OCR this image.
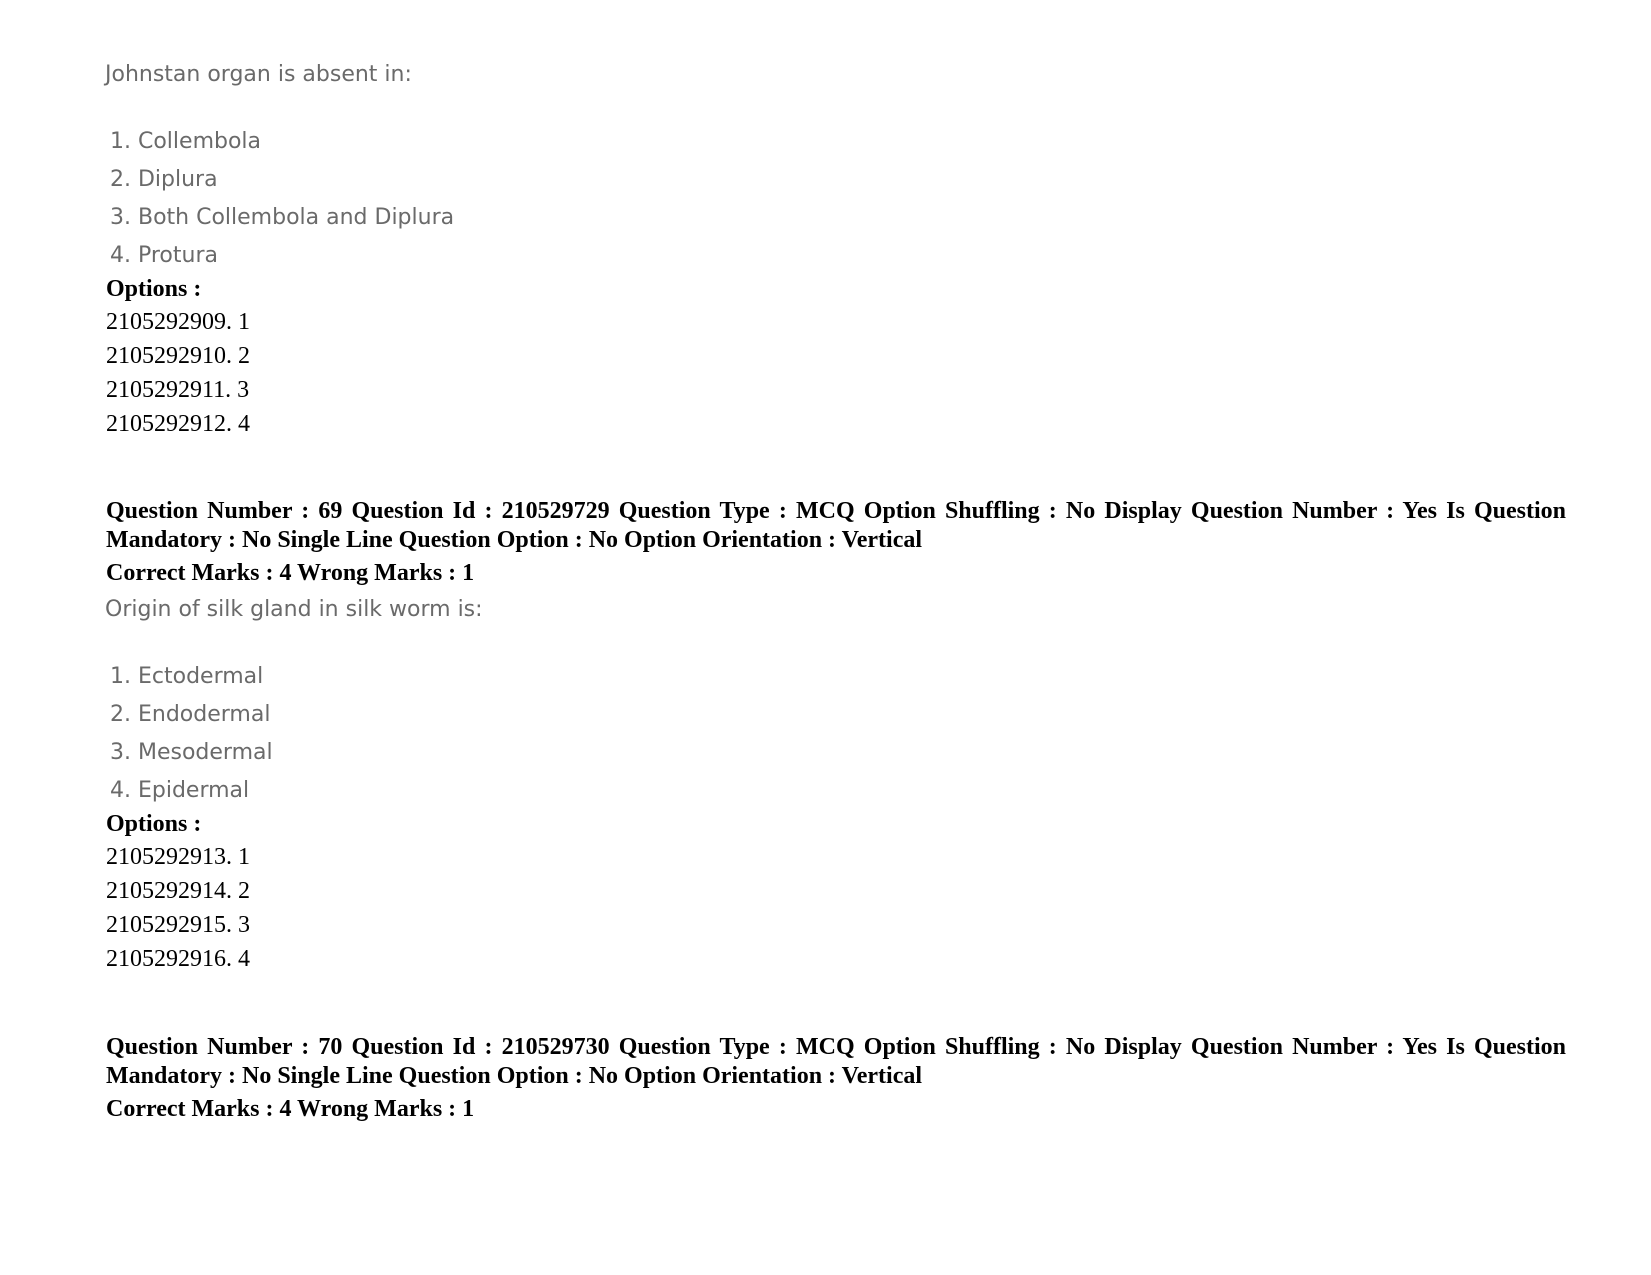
Johnstan organ is absent in:
1. Collembola
2. Diplura
3. Both Collembola and Diplura
4. Protura
Options :
2105292909. 1
2105292910. 2
2105292911. 3
2105292912. 4
Question Number : 69 Question Id : 210529729 Question Type : MCQ Option Shuffling : No Display Question Number : Yes Is Question Mandatory : No Single Line Question Option : No Option Orientation : Vertical
Correct Marks : 4 Wrong Marks : 1
Origin of silk gland in silk worm is:
1. Ectodermal
2. Endodermal
3. Mesodermal
4. Epidermal
Options :
2105292913. 1
2105292914. 2
2105292915. 3
2105292916. 4
Question Number : 70 Question Id : 210529730 Question Type : MCQ Option Shuffling : No Display Question Number : Yes Is Question Mandatory : No Single Line Question Option : No Option Orientation : Vertical
Correct Marks : 4 Wrong Marks : 1
